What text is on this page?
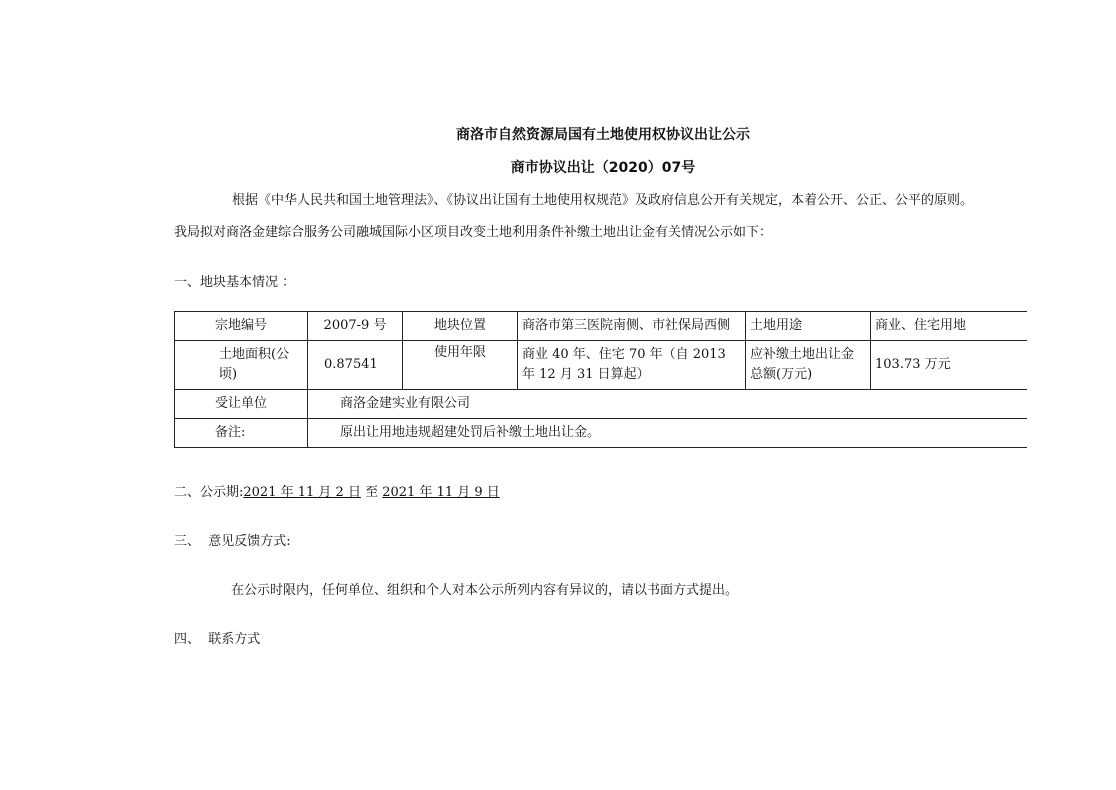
商洛市自然资源局国有土地使用权协议出让公示
商市协议出让（2020）07号

根据《中华人民共和国土地管理法》、《协议出让国有土地使用权规范》及政府信息公开有关规定，本着公开、公正、公平的原则。

我局拟对商洛金建综合服务公司融城国际小区项目改变土地利用条件补缴土地出让金有关情况公示如下：

一、地块基本情况 ：

宗地编号	2007-9 号	地块位置	商洛市第三医院南侧、市社保局西侧	土地用途	商业、住宅用地
土地面积(公顷)	0.87541	使用年限	商业 40 年、住宅 70 年（自 2013 年 12 月 31 日算起）	应补缴土地出让金总额(万元)	103.73 万元
受让单位	商洛金建实业有限公司				
备注:	原出让用地违规超建处罚后补缴土地出让金。				

二、公示期:2021 年 11 月 2 日 至 2021 年 11 月 9 日

三、  意见反馈方式:

在公示时限内，任何单位、组织和个人对本公示所列内容有异议的，请以书面方式提出。

四、  联系方式
